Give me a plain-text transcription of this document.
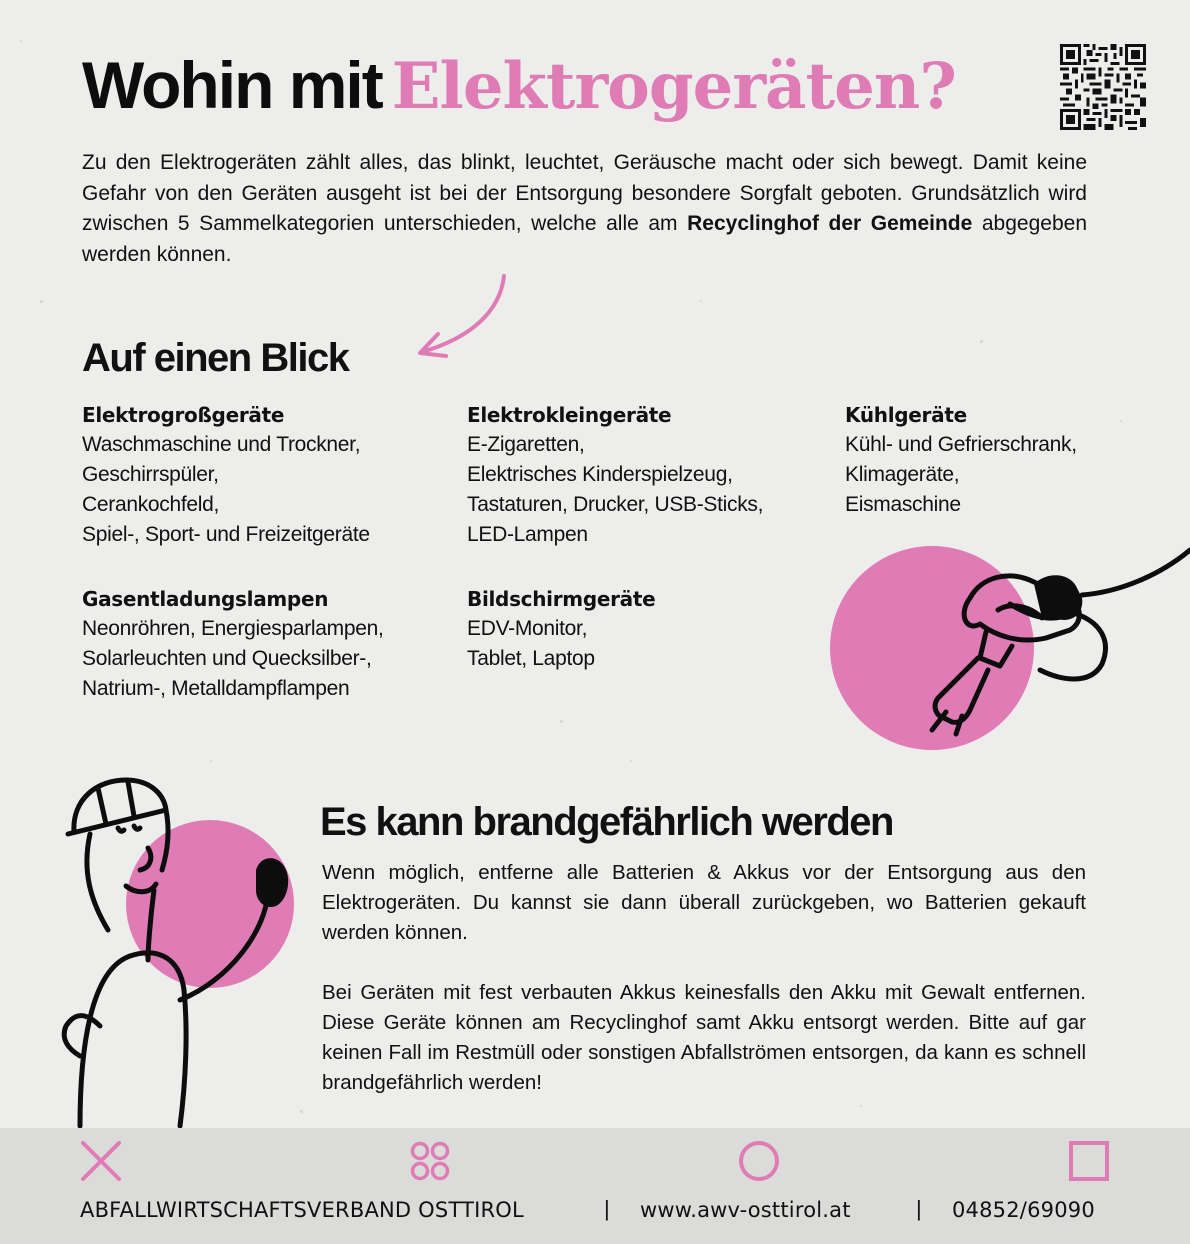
Wohin mit Elektrogeräten?

Zu den Elektrogeräten zählt alles, das blinkt, leuchtet, Geräusche macht oder sich bewegt. Damit keine Gefahr von den Geräten ausgeht ist bei der Entsorgung besondere Sorgfalt geboten. Grundsätzlich wird zwischen 5 Sammelkategorien unterschieden, welche alle am Recyclinghof der Gemeinde abgegeben werden können.

Auf einen Blick
Elektrogroßgeräte
Waschmaschine und Trockner,
Geschirrspüler,
Cerankochfeld,
Spiel-, Sport- und Freizeitgeräte
Elektrokleingeräte
E-Zigaretten,
Elektrisches Kinderspielzeug,
Tastaturen, Drucker, USB-Sticks,
LED-Lampen
Kühlgeräte
Kühl- und Gefrierschrank,
Klimageräte,
Eismaschine
Gasentladungslampen
Neonröhren, Energiesparlampen,
Solarleuchten und Quecksilber-,
Natrium-, Metalldampflampen
Bildschirmgeräte
EDV-Monitor,
Tablet, Laptop
Es kann brandgefährlich werden

Wenn möglich, entferne alle Batterien & Akkus vor der Entsorgung aus den Elektrogeräten. Du kannst sie dann überall zurückgeben, wo Batterien gekauft werden können.

Bei Geräten mit fest verbauten Akkus keinesfalls den Akku mit Gewalt entfernen. Diese Geräte können am Recyclinghof samt Akku entsorgt werden. Bitte auf gar keinen Fall im Restmüll oder sonstigen Abfallströmen entsorgen, da kann es schnell brandgefährlich werden!

ABFALLWIRTSCHAFTSVERBAND OSTTIROL	| www.awv-osttirol.at	| 04852/69090
